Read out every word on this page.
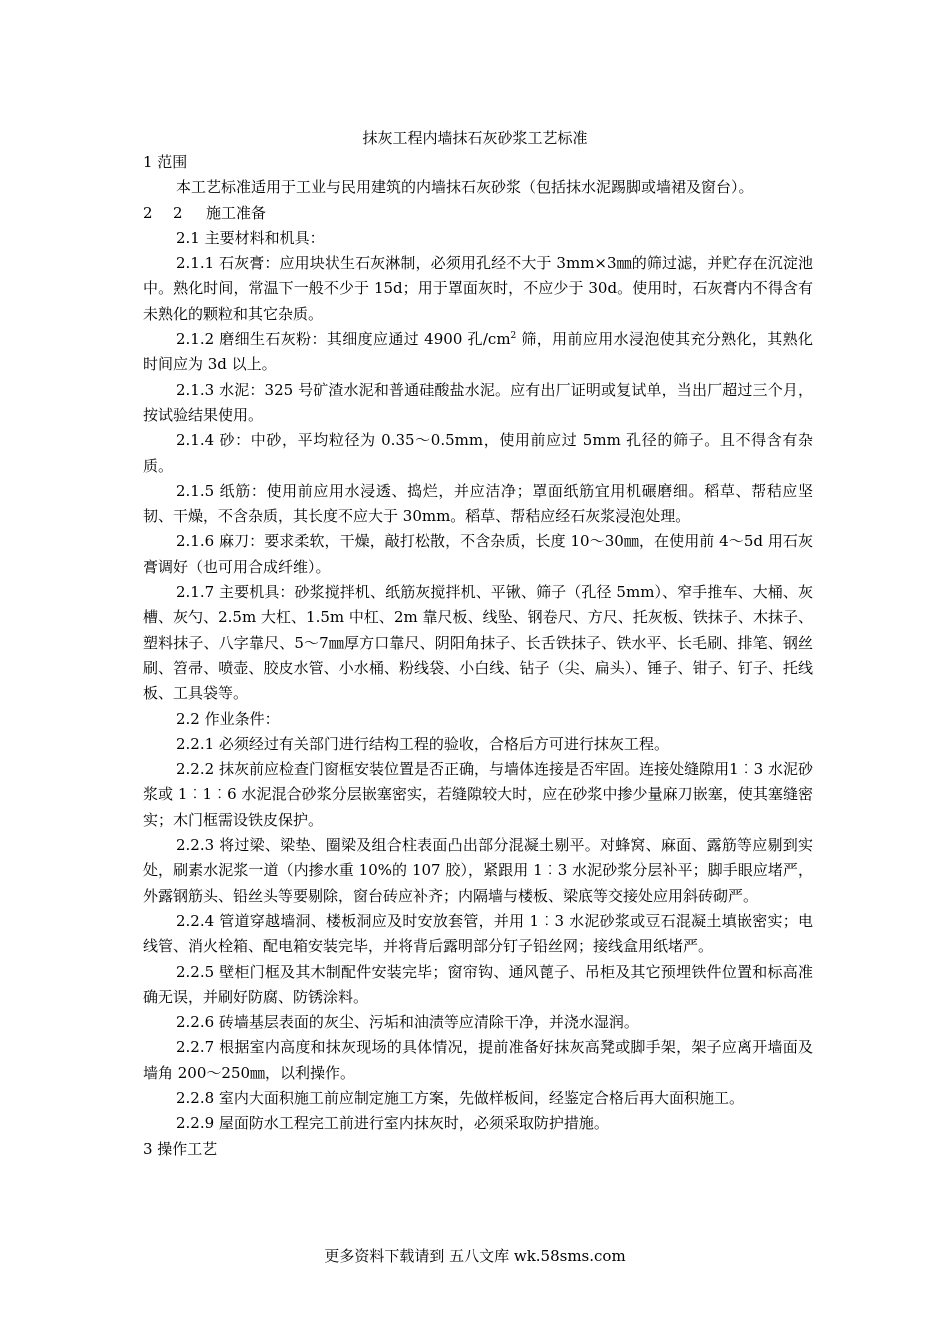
抹灰工程内墙抹石灰砂浆工艺标准

1 范围

本工艺标准适用于工业与民用建筑的内墙抹石灰砂浆（包括抹水泥踢脚或墙裙及窗台）。

2 2 施工准备

2.1 主要材料和机具：

2.1.1 石灰膏：应用块状生石灰淋制，必须用孔经不大于 3mm×3㎜的筛过滤，并贮存在沉淀池中。熟化时间，常温下一般不少于 15d；用于罩面灰时，不应少于 30d。使用时，石灰膏内不得含有未熟化的颗粒和其它杂质。

2.1.2 磨细生石灰粉：其细度应通过 4900 孔$/cm^2$ 筛，用前应用水浸泡使其充分熟化，其熟化时间应为 3d 以上。

2.1.3 水泥：325 号矿渣水泥和普通硅酸盐水泥。应有出厂证明或复试单，当出厂超过三个月，按试验结果使用。

2.1.4 砂：中砂，平均粒径为 0.35～0.5mm，使用前应过 5mm 孔径的筛子。且不得含有杂质。

2.1.5 纸筋：使用前应用水浸透、捣烂，并应洁净；罩面纸筋宜用机碾磨细。稻草、帮秸应坚韧、干燥，不含杂质，其长度不应大于 30mm。稻草、帮秸应经石灰浆浸泡处理。

2.1.6 麻刀：要求柔软，干燥，敲打松散，不含杂质，长度 10～30㎜，在使用前 4～5d 用石灰膏调好（也可用合成纤维）。

2.1.7 主要机具：砂浆搅拌机、纸筋灰搅拌机、平锹、筛子（孔径 5mm）、窄手推车、大桶、灰槽、灰勺、2.5m 大杠、1.5m 中杠、2m 靠尺板、线坠、钢卷尺、方尺、托灰板、铁抹子、木抹子、塑料抹子、八字靠尺、5～7㎜厚方口靠尺、阴阳角抹子、长舌铁抹子、铁水平、长毛刷、排笔、钢丝刷、笤帚、喷壶、胶皮水管、小水桶、粉线袋、小白线、钻子（尖、扁头）、锤子、钳子、钉子、托线板、工具袋等。

2.2 作业条件：

2.2.1 必须经过有关部门进行结构工程的验收，合格后方可进行抹灰工程。

2.2.2 抹灰前应检查门窗框安装位置是否正确，与墙体连接是否牢固。连接处缝隙用1︰3 水泥砂浆或 1︰1︰6 水泥混合砂浆分层嵌塞密实，若缝隙较大时，应在砂浆中掺少量麻刀嵌塞，使其塞缝密实；木门框需设铁皮保护。

2.2.3 将过梁、梁垫、圈梁及组合柱表面凸出部分混凝土剔平。对蜂窝、麻面、露筋等应剔到实处，刷素水泥浆一道（内掺水重 10%的 107 胶），紧跟用 1︰3 水泥砂浆分层补平；脚手眼应堵严，外露钢筋头、铅丝头等要剔除，窗台砖应补齐；内隔墙与楼板、梁底等交接处应用斜砖砌严。

2.2.4 管道穿越墙洞、楼板洞应及时安放套管，并用 1︰3 水泥砂浆或豆石混凝土填嵌密实；电线管、消火栓箱、配电箱安装完毕，并将背后露明部分钉子铅丝网；接线盒用纸堵严。

2.2.5 壁柜门框及其木制配件安装完毕；窗帘钩、通风蓖子、吊柜及其它预埋铁件位置和标高准确无误，并刷好防腐、防锈涂料。

2.2.6 砖墙基层表面的灰尘、污垢和油渍等应清除干净，并浇水湿润。

2.2.7 根据室内高度和抹灰现场的具体情况，提前准备好抹灰高凳或脚手架，架子应离开墙面及墙角 200～250㎜，以利操作。

2.2.8 室内大面积施工前应制定施工方案，先做样板间，经鉴定合格后再大面积施工。

2.2.9 屋面防水工程完工前进行室内抹灰时，必须采取防护措施。

3 操作工艺

更多资料下载请到 五八文库 wk.58sms.com
